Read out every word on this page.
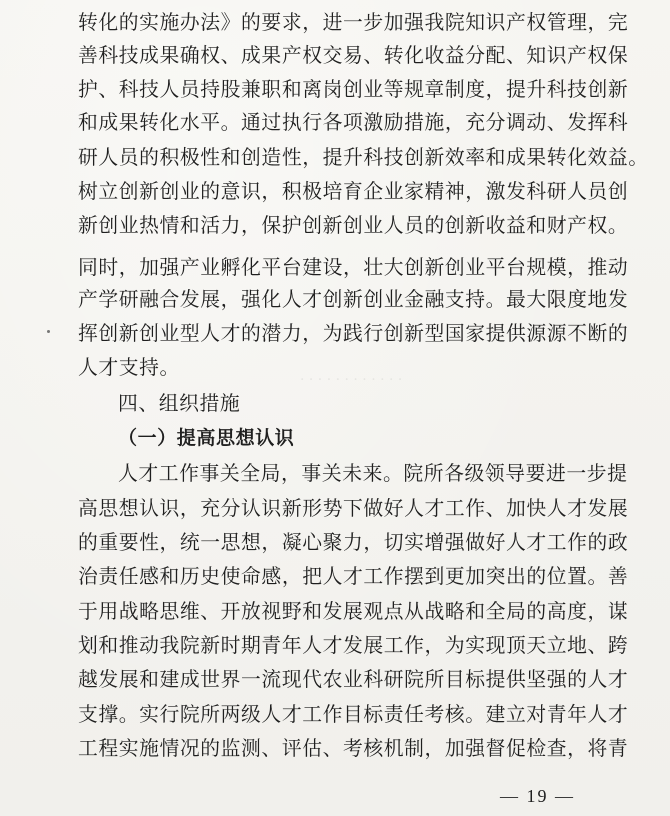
· · · · · · · · · · · ·
转化的实施办法》的要求，进一步加强我院知识产权管理，完
善科技成果确权、成果产权交易、转化收益分配、知识产权保
护、科技人员持股兼职和离岗创业等规章制度，提升科技创新
和成果转化水平。通过执行各项激励措施，充分调动、发挥科
研人员的积极性和创造性，提升科技创新效率和成果转化效益。
树立创新创业的意识，积极培育企业家精神，激发科研人员创
新创业热情和活力，保护创新创业人员的创新收益和财产权。
同时，加强产业孵化平台建设，壮大创新创业平台规模，推动
产学研融合发展，强化人才创新创业金融支持。最大限度地发
挥创新创业型人才的潜力，为践行创新型国家提供源源不断的
人才支持。
四、组织措施
（一）提高思想认识
人才工作事关全局，事关未来。院所各级领导要进一步提
高思想认识，充分认识新形势下做好人才工作、加快人才发展
的重要性，统一思想，凝心聚力，切实增强做好人才工作的政
治责任感和历史使命感，把人才工作摆到更加突出的位置。善
于用战略思维、开放视野和发展观点从战略和全局的高度，谋
划和推动我院新时期青年人才发展工作，为实现顶天立地、跨
越发展和建成世界一流现代农业科研院所目标提供坚强的人才
支撑。实行院所两级人才工作目标责任考核。建立对青年人才
工程实施情况的监测、评估、考核机制，加强督促检查，将青
— 19 —
